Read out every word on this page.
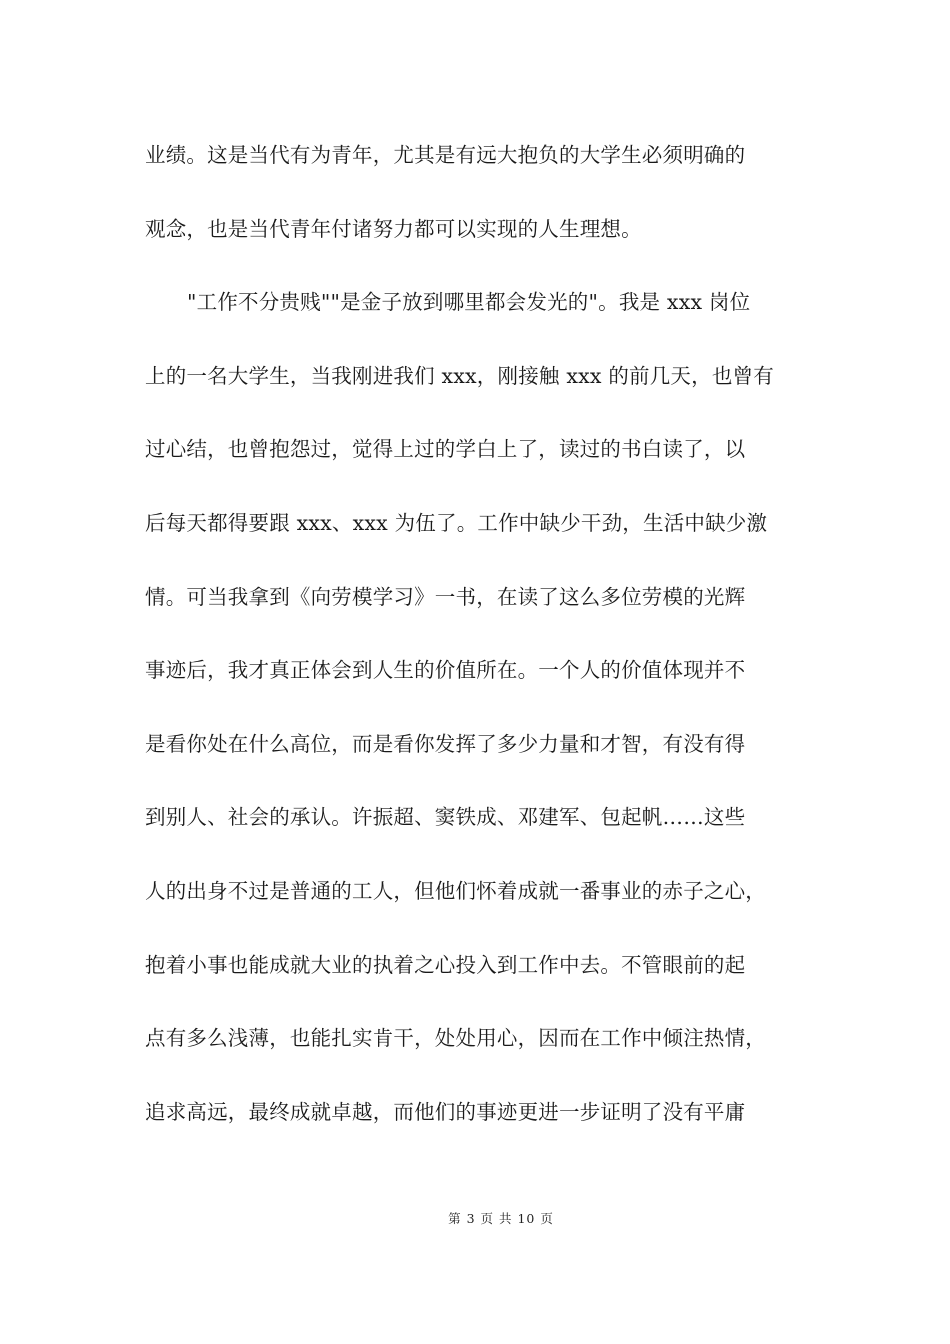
业绩。这是当代有为青年，尤其是有远大抱负的大学生必须明确的
观念，也是当代青年付诸努力都可以实现的人生理想。
"工作不分贵贱""是金子放到哪里都会发光的"。我是 xxx 岗位
上的一名大学生，当我刚进我们 xxx，刚接触 xxx 的前几天，也曾有
过心结，也曾抱怨过，觉得上过的学白上了，读过的书白读了，以
后每天都得要跟 xxx、xxx 为伍了。工作中缺少干劲，生活中缺少激
情。可当我拿到《向劳模学习》一书，在读了这么多位劳模的光辉
事迹后，我才真正体会到人生的价值所在。一个人的价值体现并不
是看你处在什么高位，而是看你发挥了多少力量和才智，有没有得
到别人、社会的承认。许振超、窦铁成、邓建军、包起帆……这些
人的出身不过是普通的工人，但他们怀着成就一番事业的赤子之心，
抱着小事也能成就大业的执着之心投入到工作中去。不管眼前的起
点有多么浅薄，也能扎实肯干，处处用心，因而在工作中倾注热情，
追求高远，最终成就卓越，而他们的事迹更进一步证明了没有平庸
第 3 页 共 10 页
